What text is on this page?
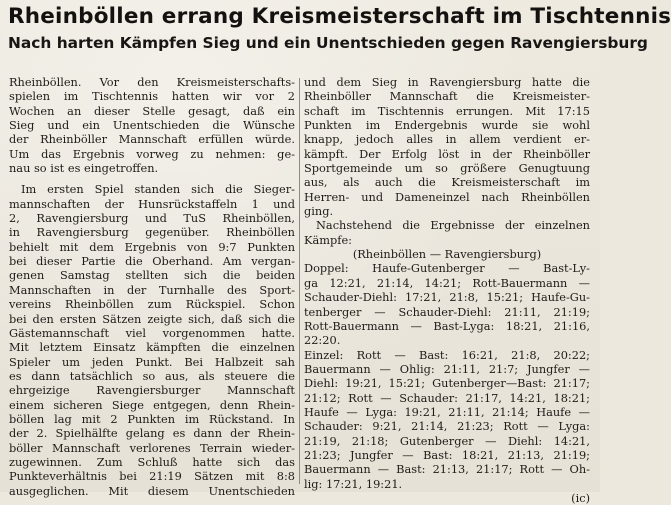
Rheinböllen errang Kreismeisterschaft im Tischtennis
Nach harten Kämpfen Sieg und ein Unentschieden gegen Ravengiersburg
Rheinböllen. Vor den Kreismeisterschafts-
spielen im Tischtennis hatten wir vor 2
Wochen an dieser Stelle gesagt, daß ein
Sieg und ein Unentschieden die Wünsche
der Rheinböller Mannschaft erfüllen würde.
Um das Ergebnis vorweg zu nehmen: ge-
nau so ist es eingetroffen.
Im ersten Spiel standen sich die Sieger-
mannschaften der Hunsrückstaffeln 1 und
2, Ravengiersburg und TuS Rheinböllen,
in Ravengiersburg gegenüber. Rheinböllen
behielt mit dem Ergebnis von 9:7 Punkten
bei dieser Partie die Oberhand. Am vergan-
genen Samstag stellten sich die beiden
Mannschaften in der Turnhalle des Sport-
vereins Rheinböllen zum Rückspiel. Schon
bei den ersten Sätzen zeigte sich, daß sich die
Gästemannschaft viel vorgenommen hatte.
Mit letztem Einsatz kämpften die einzelnen
Spieler um jeden Punkt. Bei Halbzeit sah
es dann tatsächlich so aus, als steuere die
ehrgeizige Ravengiersburger Mannschaft
einem sicheren Siege entgegen, denn Rhein-
böllen lag mit 2 Punkten im Rückstand. In
der 2. Spielhälfte gelang es dann der Rhein-
böller Mannschaft verlorenes Terrain wieder-
zugewinnen. Zum Schluß hatte sich das
Punkteverhältnis bei 21:19 Sätzen mit 8:8
ausgeglichen. Mit diesem Unentschieden
und dem Sieg in Ravengiersburg hatte die
Rheinböller Mannschaft die Kreismeister-
schaft im Tischtennis errungen. Mit 17:15
Punkten im Endergebnis wurde sie wohl
knapp, jedoch alles in allem verdient er-
kämpft. Der Erfolg löst in der Rheinböller
Sportgemeinde um so größere Genugtuung
aus, als auch die Kreismeisterschaft im
Herren- und Dameneinzel nach Rheinböllen
ging.
Nachstehend die Ergebnisse der einzelnen
Kämpfe:
(Rheinböllen — Ravengiersburg)
Doppel: Haufe-Gutenberger — Bast-Ly-
ga 12:21, 21:14, 14:21; Rott-Bauermann —
Schauder-Diehl: 17:21, 21:8, 15:21; Haufe-Gu-
tenberger — Schauder-Diehl: 21:11, 21:19;
Rott-Bauermann — Bast-Lyga: 18:21, 21:16,
22:20.
Einzel: Rott — Bast: 16:21, 21:8, 20:22;
Bauermann — Ohlig: 21:11, 21:7; Jungfer —
Diehl: 19:21, 15:21; Gutenberger—Bast: 21:17;
21:12; Rott — Schauder: 21:17, 14:21, 18:21;
Haufe — Lyga: 19:21, 21:11, 21:14; Haufe —
Schauder: 9:21, 21:14, 21:23; Rott — Lyga:
21:19, 21:18; Gutenberger — Diehl: 14:21,
21:23; Jungfer — Bast: 18:21, 21:13, 21:19;
Bauermann — Bast: 21:13, 21:17; Rott — Oh-
lig: 17:21, 19:21.
(ic)
